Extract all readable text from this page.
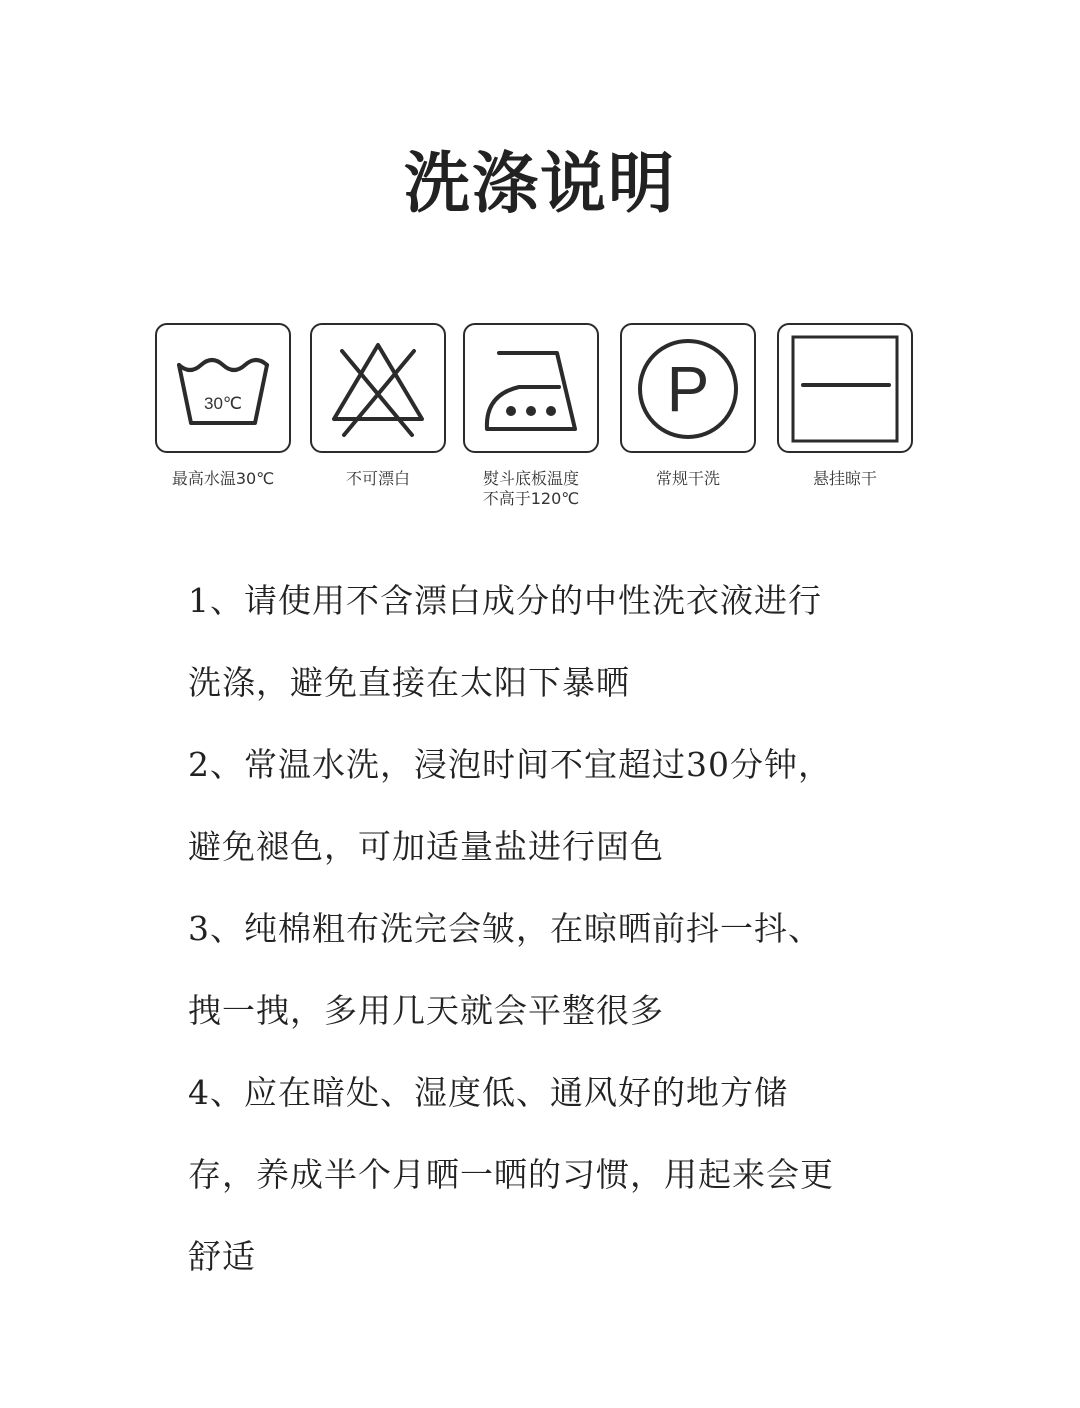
洗涤说明
30℃
最高水温30℃	不可漂白	熨斗底板温度
不高于120℃
P
常规干洗	悬挂晾干
1、请使用不含漂白成分的中性洗衣液进行
洗涤，避免直接在太阳下暴晒
2、常温水洗，浸泡时间不宜超过30分钟，
避免褪色，可加适量盐进行固色
3、纯棉粗布洗完会皱，在晾晒前抖一抖、
拽一拽，多用几天就会平整很多
4、应在暗处、湿度低、通风好的地方储
存，养成半个月晒一晒的习惯，用起来会更
舒适
